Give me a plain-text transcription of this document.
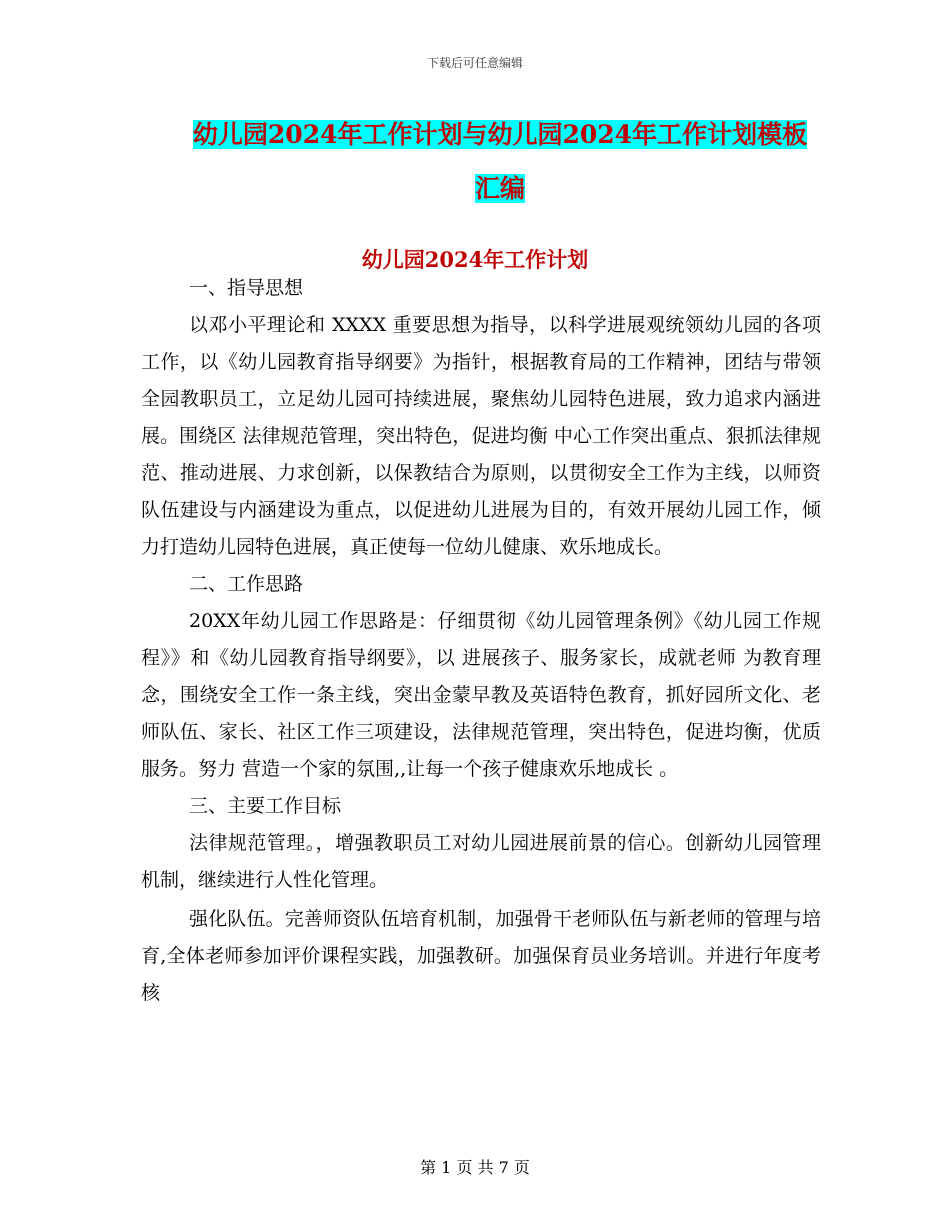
下载后可任意编辑
幼儿园2024年工作计划与幼儿园2024年工作计划模板汇编
幼儿园2024年工作计划

一、指导思想

以邓小平理论和 XXXX 重要思想为指导，以科学进展观统领幼儿园的各项工作，以《幼儿园教育指导纲要》为指针，根据教育局的工作精神，团结与带领全园教职员工，立足幼儿园可持续进展，聚焦幼儿园特色进展，致力追求内涵进展。围绕区 法律规范管理，突出特色，促进均衡 中心工作突出重点、狠抓法律规范、推动进展、力求创新，以保教结合为原则，以贯彻安全工作为主线，以师资队伍建设与内涵建设为重点，以促进幼儿进展为目的，有效开展幼儿园工作，倾力打造幼儿园特色进展，真正使每一位幼儿健康、欢乐地成长。

二、工作思路

20XX年幼儿园工作思路是：仔细贯彻《幼儿园管理条例》《幼儿园工作规程》》和《幼儿园教育指导纲要》，以 进展孩子、服务家长，成就老师 为教育理念，围绕安全工作一条主线，突出金蒙早教及英语特色教育，抓好园所文化、老师队伍、家长、社区工作三项建设，法律规范管理，突出特色，促进均衡，优质服务。努力 营造一个家的氛围,,让每一个孩子健康欢乐地成长 。

三、主要工作目标

法律规范管理。，增强教职员工对幼儿园进展前景的信心。创新幼儿园管理机制，继续进行人性化管理。

强化队伍。完善师资队伍培育机制，加强骨干老师队伍与新老师的管理与培育,全体老师参加评价课程实践，加强教研。加强保育员业务培训。并进行年度考核

第 1 页 共 7 页
